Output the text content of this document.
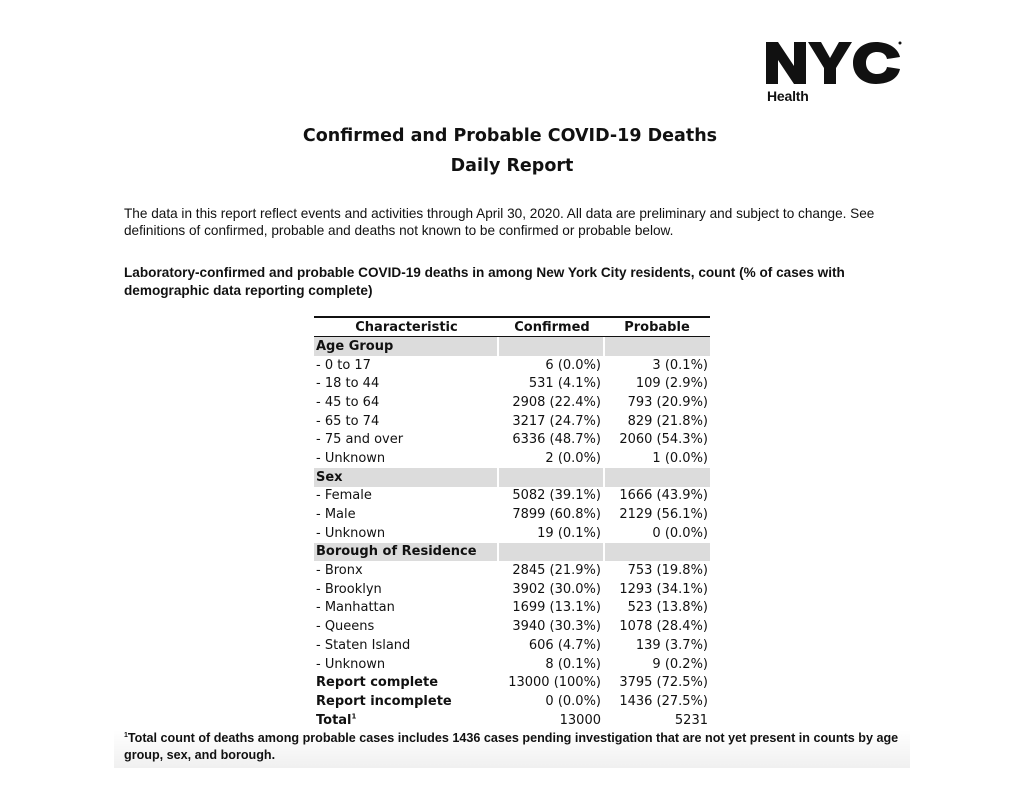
Health
Confirmed and Probable COVID-19 Deaths
Daily Report
The data in this report reflect events and activities through April 30, 2020. All data are preliminary and subject to change. See definitions of confirmed, probable and deaths not known to be confirmed or probable below.
Laboratory-confirmed and probable COVID-19 deaths in among New York City residents, count (% of cases with demographic data reporting complete)
Characteristic	Confirmed	Probable
Age Group
- 0 to 17	6 (0.0%)	3 (0.1%)
- 18 to 44	531 (4.1%)	109 (2.9%)
- 45 to 64	2908 (22.4%)	793 (20.9%)
- 65 to 74	3217 (24.7%)	829 (21.8%)
- 75 and over	6336 (48.7%)	2060 (54.3%)
- Unknown	2 (0.0%)	1 (0.0%)
Sex
- Female	5082 (39.1%)	1666 (43.9%)
- Male	7899 (60.8%)	2129 (56.1%)
- Unknown	19 (0.1%)	0 (0.0%)
Borough of Residence
- Bronx	2845 (21.9%)	753 (19.8%)
- Brooklyn	3902 (30.0%)	1293 (34.1%)
- Manhattan	1699 (13.1%)	523 (13.8%)
- Queens	3940 (30.3%)	1078 (28.4%)
- Staten Island	606 (4.7%)	139 (3.7%)
- Unknown	8 (0.1%)	9 (0.2%)
Report complete	13000 (100%)	3795 (72.5%)
Report incomplete	0 (0.0%)	1436 (27.5%)
Total$^1$	13000	5231
$^1$Total count of deaths among probable cases includes 1436 cases pending investigation that are not yet present in counts by age group, sex, and borough.
